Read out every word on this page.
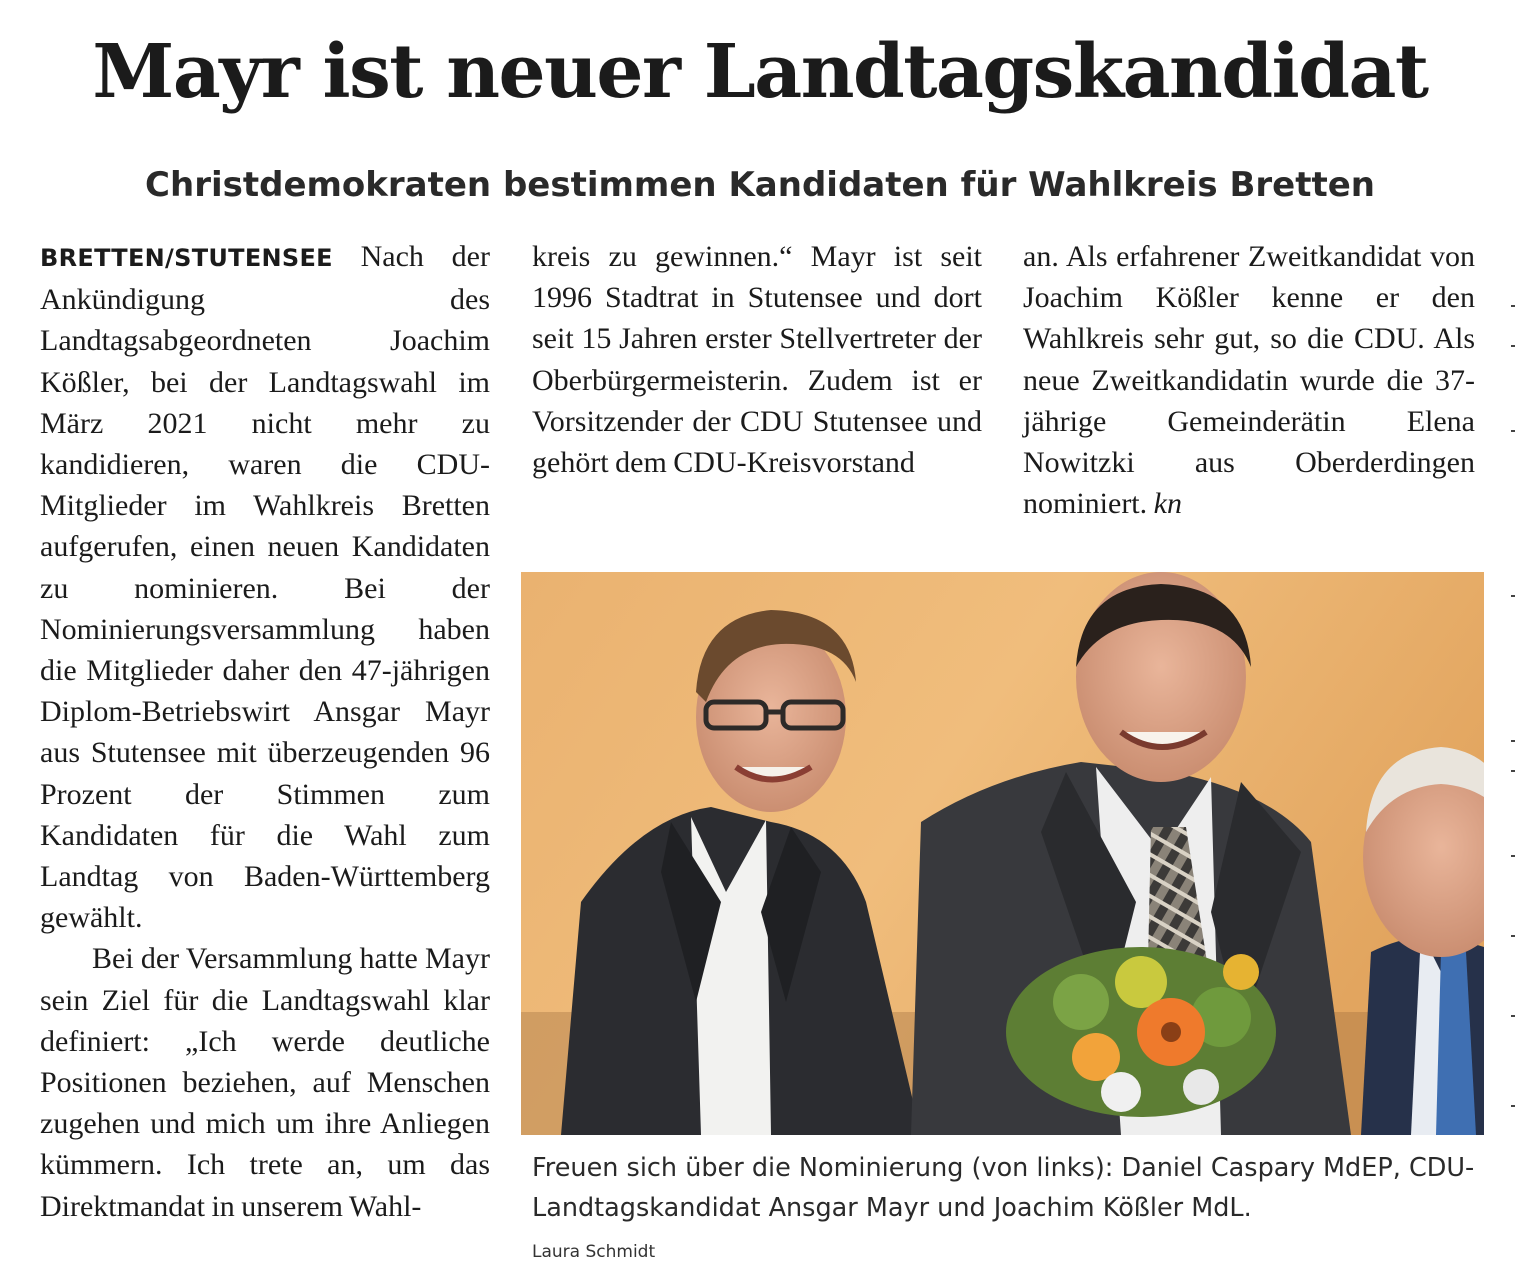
Mayr ist neuer Landtagskandidat
Christdemokraten bestimmen Kandidaten für Wahlkreis Bretten
BRETTEN/STUTENSEE Nach der Ankündigung des Landtagsabgeordneten Joachim Kößler, bei der Landtagswahl im März 2021 nicht mehr zu kandidieren, waren die CDU-Mitglieder im Wahlkreis Bretten aufgerufen, einen neuen Kandidaten zu nominieren. Bei der Nominierungsversammlung haben die Mitglieder daher den 47-jährigen Diplom-Betriebswirt Ansgar Mayr aus Stutensee mit überzeugenden 96 Prozent der Stimmen zum Kandidaten für die Wahl zum Landtag von Baden-Württemberg gewählt.
Bei der Versammlung hatte Mayr sein Ziel für die Landtagswahl klar definiert: „Ich werde deutliche Positionen beziehen, auf Menschen zugehen und mich um ihre Anliegen kümmern. Ich trete an, um das Direktmandat in unserem Wahl-
kreis zu gewinnen.“ Mayr ist seit 1996 Stadtrat in Stutensee und dort seit 15 Jahren erster Stellvertreter der Oberbürgermeisterin. Zudem ist er Vorsitzender der CDU Stutensee und gehört dem CDU-Kreisvorstand
an. Als erfahrener Zweitkandidat von Joachim Kößler kenne er den Wahlkreis sehr gut, so die CDU. Als neue Zweitkandidatin wurde die 37-jährige Gemeinderätin Elena Nowitzki aus Oberderdingen nominiert. kn

Freuen sich über die Nominierung (von links): Daniel Caspary MdEP, CDU-Landtagskandidat Ansgar Mayr und Joachim Kößler MdL.

Laura Schmidt
